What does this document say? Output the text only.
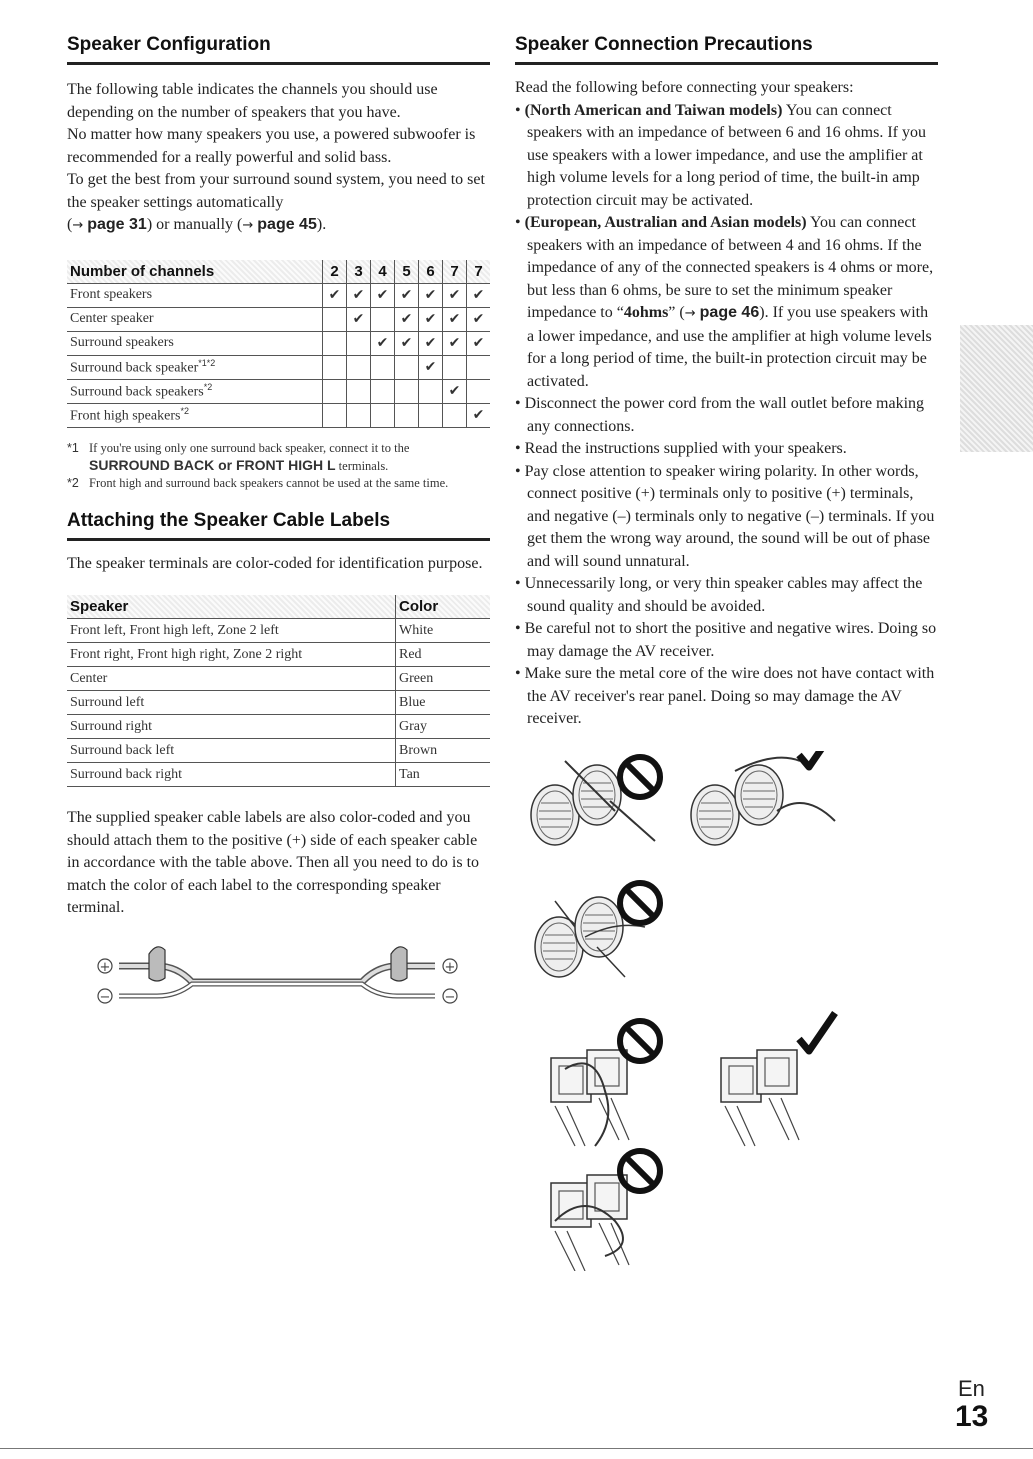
Speaker Configuration

The following table indicates the channels you should use depending on the number of speakers that you have.

No matter how many speakers you use, a powered subwoofer is recommended for a really powerful and solid bass.

To get the best from your surround sound system, you need to set the speaker settings automatically
(→ page 31) or manually (→ page 45).

Number of channels	2	3	4	5	6	7	7
Front speakers	✔	✔	✔	✔	✔	✔	✔
Center speaker		✔		✔	✔	✔	✔
Surround speakers			✔	✔	✔	✔	✔
Surround back speaker$^{*1*2}$					✔		
Surround back speakers$^{*2}$						✔	
Front high speakers$^{*2}$							✔
*1 If you're using only one surround back speaker, connect it to the SURROUND BACK or FRONT HIGH L terminals.
*2 Front high and surround back speakers cannot be used at the same time.
Attaching the Speaker Cable Labels

The speaker terminals are color-coded for identification purpose.

Speaker	Color
Front left, Front high left, Zone 2 left	White
Front right, Front high right, Zone 2 right	Red
Center	Green
Surround left	Blue
Surround right	Gray
Surround back left	Brown
Surround back right	Tan

The supplied speaker cable labels are also color-coded and you should attach them to the positive (+) side of each speaker cable in accordance with the table above. Then all you need to do is to match the color of each label to the corresponding speaker terminal.

+
−
+
−
Speaker Connection Precautions

Read the following before connecting your speakers:

• (North American and Taiwan models) You can connect speakers with an impedance of between 6 and 16 ohms. If you use speakers with a lower impedance, and use the amplifier at high volume levels for a long period of time, the built-in amp protection circuit may be activated.
• (European, Australian and Asian models) You can connect speakers with an impedance of between 4 and 16 ohms. If the impedance of any of the connected speakers is 4 ohms or more, but less than 6 ohms, be sure to set the minimum speaker impedance to “4ohms” (→ page 46). If you use speakers with a lower impedance, and use the amplifier at high volume levels for a long period of time, the built-in protection circuit may be activated.
• Disconnect the power cord from the wall outlet before making any connections.
• Read the instructions supplied with your speakers.
• Pay close attention to speaker wiring polarity. In other words, connect positive (+) terminals only to positive (+) terminals, and negative (–) terminals only to negative (–) terminals. If you get them the wrong way around, the sound will be out of phase and will sound unnatural.
• Unnecessarily long, or very thin speaker cables may affect the sound quality and should be avoided.
• Be careful not to short the positive and negative wires. Doing so may damage the AV receiver.
• Make sure the metal core of the wire does not have contact with the AV receiver's rear panel. Doing so may damage the AV receiver.
En
13
